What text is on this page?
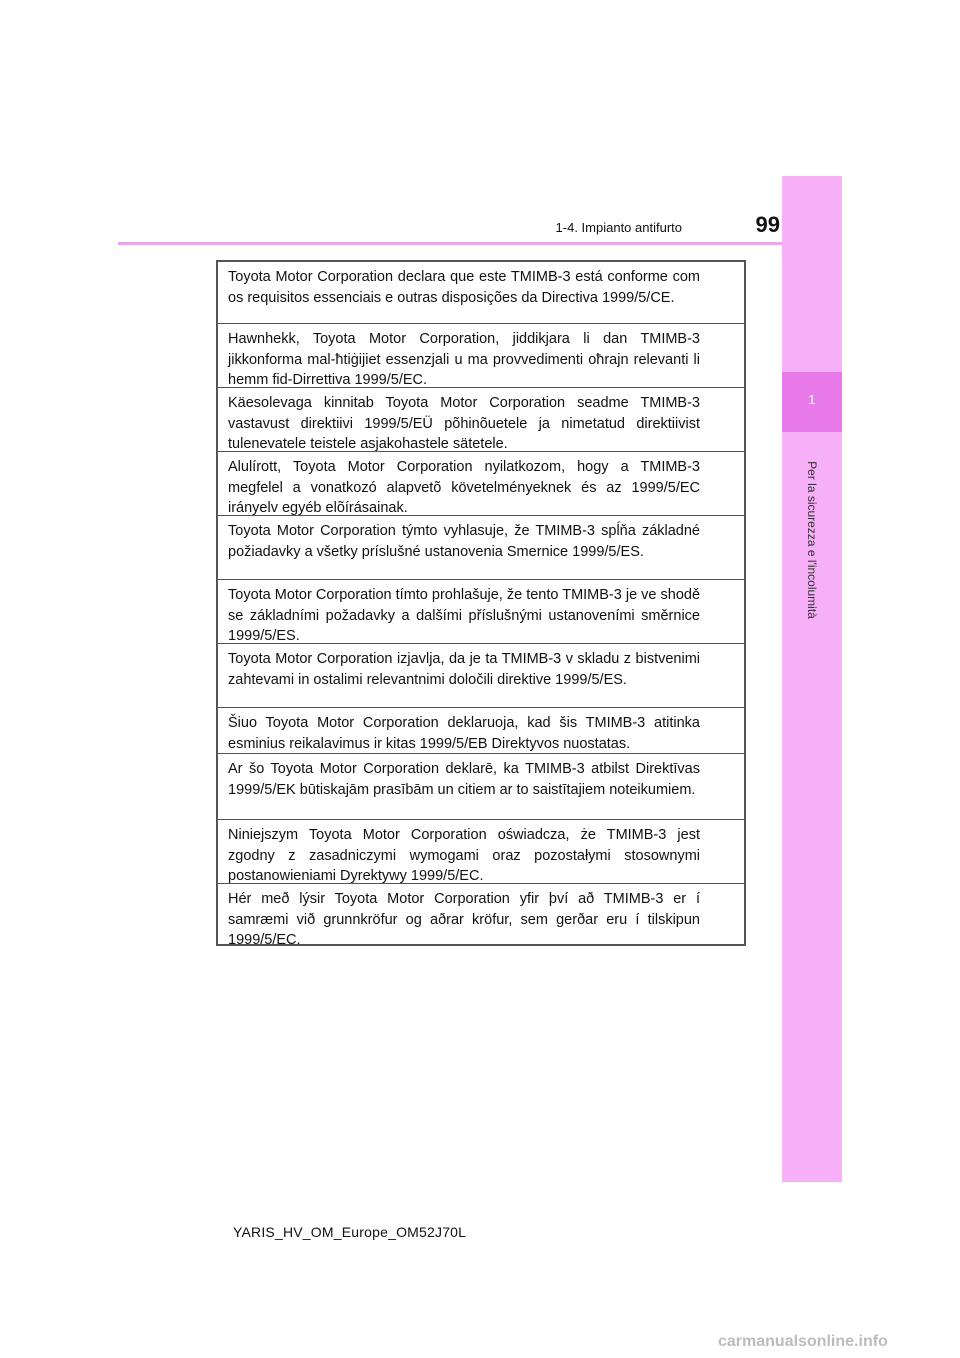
1-4. Impianto antifurto	99
1
Per la sicurezza e l'incolumità
Toyota Motor Corporation declara que este TMIMB-3 está conforme com os requisitos essenciais e outras disposições da Directiva 1999/5/CE.
Hawnhekk, Toyota Motor Corporation, jiddikjara li dan TMIMB-3 jikkonforma mal-ħtiġijiet essenzjali u ma provvedimenti oħrajn relevanti li hemm fid-Dirrettiva 1999/5/EC.
Käesolevaga kinnitab Toyota Motor Corporation seadme TMIMB-3 vastavust direktiivi 1999/5/EÜ põhinõuetele ja nimetatud direktiivist tulenevatele teistele asjakohastele sätetele.
Alulírott, Toyota Motor Corporation nyilatkozom, hogy a TMIMB-3 megfelel a vonatkozó alapvetõ követelményeknek és az 1999/5/EC irányelv egyéb elõírásainak.
Toyota Motor Corporation týmto vyhlasuje, že TMIMB-3 spĺňa základné požiadavky a všetky príslušné ustanovenia Smernice 1999/5/ES.
Toyota Motor Corporation tímto prohlašuje, že tento TMIMB-3 je ve shodě se základními požadavky a dalšími příslušnými ustanoveními směrnice 1999/5/ES.
Toyota Motor Corporation izjavlja, da je ta TMIMB-3 v skladu z bistvenimi zahtevami in ostalimi relevantnimi določili direktive 1999/5/ES.
Šiuo Toyota Motor Corporation deklaruoja, kad šis TMIMB-3 atitinka esminius reikalavimus ir kitas 1999/5/EB Direktyvos nuostatas.
Ar šo Toyota Motor Corporation deklarē, ka TMIMB-3 atbilst Direktīvas 1999/5/EK būtiskajām prasībām un citiem ar to saistītajiem noteikumiem.
Niniejszym Toyota Motor Corporation oświadcza, że TMIMB-3 jest zgodny z zasadniczymi wymogami oraz pozostałymi stosownymi postanowieniami Dyrektywy 1999/5/EC.
Hér með lýsir Toyota Motor Corporation yfir því að TMIMB-3 er í samræmi við grunnkröfur og aðrar kröfur, sem gerðar eru í tilskipun 1999/5/EC.
YARIS_HV_OM_Europe_OM52J70L
carmanualsonline.info
